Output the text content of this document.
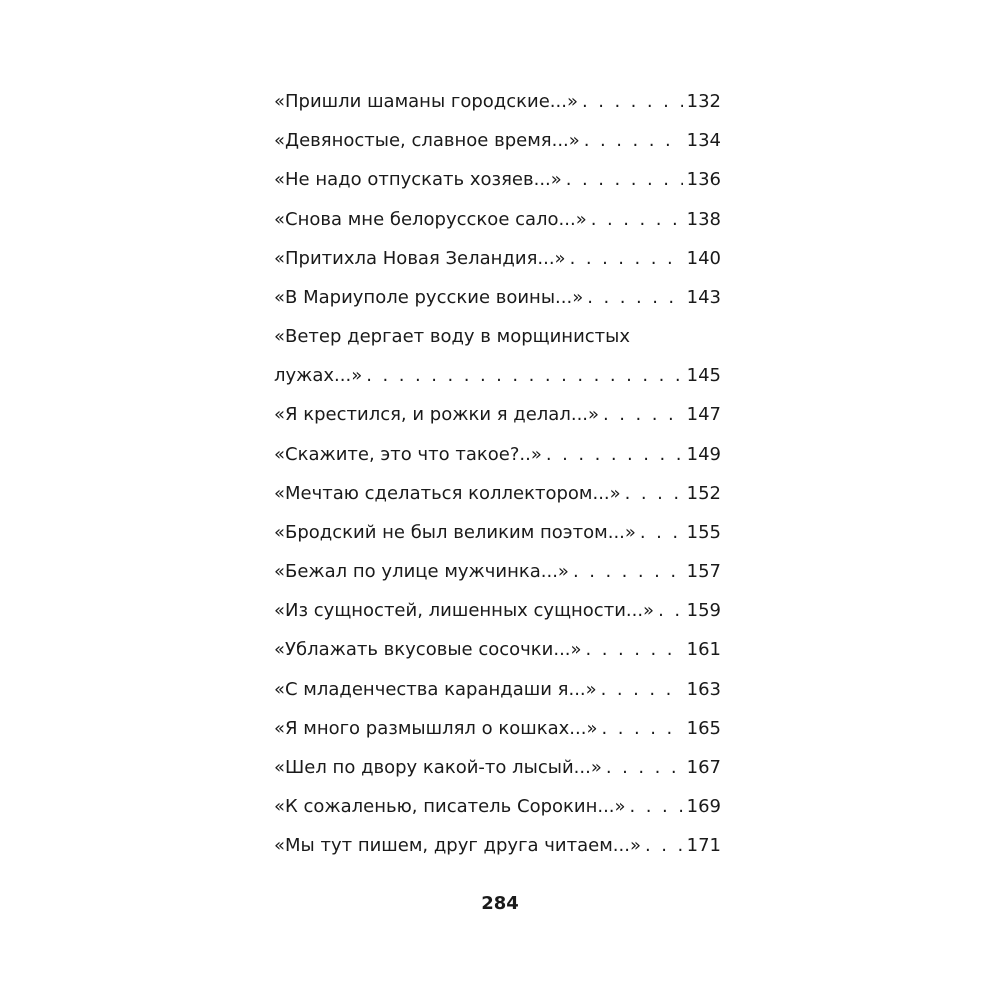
«Пришли шаманы городские...» . . .	132
«Девяностые, славное время...» . . .	134
«Не надо отпускать хозяев...» . . .	136
«Снова мне белорусское сало...» . . .	138
«Притихла Новая Зеландия...» . . .	140
«В Мариуполе русские воины...» . . .	143
«Ветер дергает воду в морщинистых
лужах...» . . .	145
«Я крестился, и рожки я делал...» . . .	147
«Скажите, это что такое?..» . . .	149
«Мечтаю сделаться коллектором...» . . .	152
«Бродский не был великим поэтом...» . . .	155
«Бежал по улице мужчинка...» . . .	157
«Из сущностей, лишенных сущности...» . . . 159
«Ублажать вкусовые сосочки...» . . .	161
«С младенчества карандаши я...» . . .	163
«Я много размышлял о кошках...» . . .	165
«Шел по двору какой-то лысый...» . . .	167
«К сожаленью, писатель Сорокин...» . . .	169
«Мы тут пишем, друг друга читаем...» . . .	171
284
